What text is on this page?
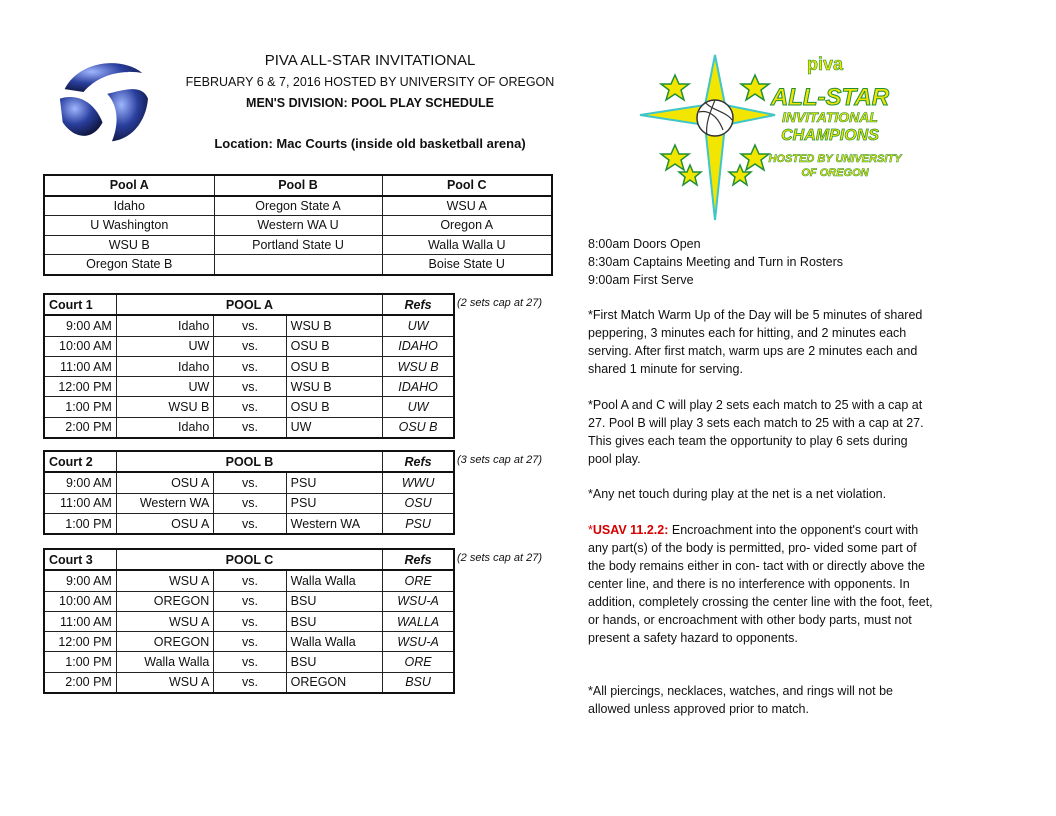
piva
ALL-STAR
INVITATIONAL
CHAMPIONS
HOSTED BY UNIVERSITY
OF OREGON
PIVA ALL-STAR INVITATIONAL
FEBRUARY 6 & 7, 2016 HOSTED BY UNIVERSITY OF OREGON
MEN'S DIVISION: POOL PLAY SCHEDULE
Location: Mac Courts (inside old basketball arena)
Pool A	Pool B	Pool C
Idaho	Oregon State A	WSU A
U Washington	Western WA U	Oregon A
WSU B	Portland State U	Walla Walla U
Oregon State B		Boise State U
Court 1	POOL A			Refs
9:00 AM	Idaho	vs.	WSU B	UW
10:00 AM	UW	vs.	OSU B	IDAHO
11:00 AM	Idaho	vs.	OSU B	WSU B
12:00 PM	UW	vs.	WSU B	IDAHO
1:00 PM	WSU B	vs.	OSU B	UW
2:00 PM	Idaho	vs.	UW	OSU B
(2 sets cap at 27)
Court 2	POOL B			Refs
9:00 AM	OSU A	vs.	PSU	WWU
11:00 AM	Western WA	vs.	PSU	OSU
1:00 PM	OSU A	vs.	Western WA	PSU
(3 sets cap at 27)
Court 3	POOL C			Refs
9:00 AM	WSU A	vs.	Walla Walla	ORE
10:00 AM	OREGON	vs.	BSU	WSU-A
11:00 AM	WSU A	vs.	BSU	WALLA
12:00 PM	OREGON	vs.	Walla Walla	WSU-A
1:00 PM	Walla Walla	vs.	BSU	ORE
2:00 PM	WSU A	vs.	OREGON	BSU
(2 sets cap at 27)
8:00am Doors Open
8:30am Captains Meeting and Turn in Rosters
9:00am First Serve
*First Match Warm Up of the Day will be 5 minutes of shared peppering, 3 minutes each for hitting, and 2 minutes each serving. After first match, warm ups are 2 minutes each and shared 1 minute for serving.
*Pool A and C will play 2 sets each match to 25 with a cap at 27. Pool B will play 3 sets each match to 25 with a cap at 27. This gives each team the opportunity to play 6 sets during pool play.
*Any net touch during play at the net is a net violation.
*USAV 11.2.2: Encroachment into the opponent's court with any part(s) of the body is permitted, pro- vided some part of the body remains either in con- tact with or directly above the center line, and there is no interference with opponents. In addition, completely crossing the center line with the foot, feet, or hands, or encroachment with other body parts, must not present a safety hazard to opponents.
*All piercings, necklaces, watches, and rings will not be allowed unless approved prior to match.
